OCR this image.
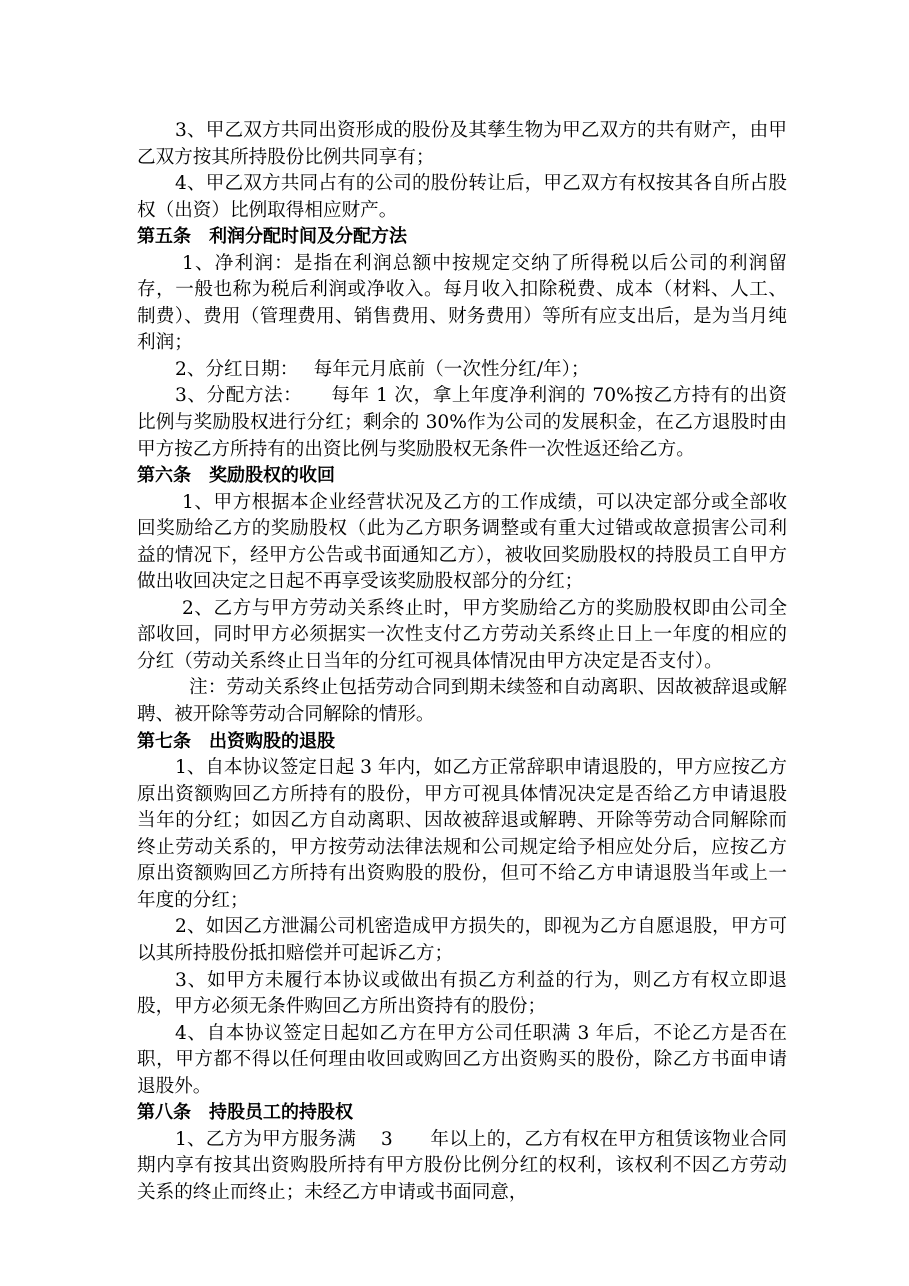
3、甲乙双方共同出资形成的股份及其孳生物为甲乙双方的共有财产，由甲乙双方按其所持股份比例共同享有；

4、甲乙双方共同占有的公司的股份转让后，甲乙双方有权按其各自所占股权（出资）比例取得相应财产。

第五条　利润分配时间及分配方法

1、净利润：是指在利润总额中按规定交纳了所得税以后公司的利润留存，一般也称为税后利润或净收入。每月收入扣除税费、成本（材料、人工、制费）、费用（管理费用、销售费用、财务费用）等所有应支出后，是为当月纯利润；

2、分红日期：　 每年元月底前（一次性分红/年）；

3、分配方法：　　每年 1 次，拿上年度净利润的 70%按乙方持有的出资比例与奖励股权进行分红；剩余的 30%作为公司的发展积金，在乙方退股时由甲方按乙方所持有的出资比例与奖励股权无条件一次性返还给乙方。

第六条　奖励股权的收回

1、甲方根据本企业经营状况及乙方的工作成绩，可以决定部分或全部收回奖励给乙方的奖励股权（此为乙方职务调整或有重大过错或故意损害公司利益的情况下，经甲方公告或书面通知乙方），被收回奖励股权的持股员工自甲方做出收回决定之日起不再享受该奖励股权部分的分红；

2、乙方与甲方劳动关系终止时，甲方奖励给乙方的奖励股权即由公司全部收回，同时甲方必须据实一次性支付乙方劳动关系终止日上一年度的相应的分红（劳动关系终止日当年的分红可视具体情况由甲方决定是否支付）。

注：劳动关系终止包括劳动合同到期未续签和自动离职、因故被辞退或解聘、被开除等劳动合同解除的情形。

第七条　出资购股的退股

1、自本协议签定日起 3 年内，如乙方正常辞职申请退股的，甲方应按乙方原出资额购回乙方所持有的股份，甲方可视具体情况决定是否给乙方申请退股当年的分红；如因乙方自动离职、因故被辞退或解聘、开除等劳动合同解除而终止劳动关系的，甲方按劳动法律法规和公司规定给予相应处分后，应按乙方原出资额购回乙方所持有出资购股的股份，但可不给乙方申请退股当年或上一年度的分红；

2、如因乙方泄漏公司机密造成甲方损失的，即视为乙方自愿退股，甲方可以其所持股份抵扣赔偿并可起诉乙方；

3、如甲方未履行本协议或做出有损乙方利益的行为，则乙方有权立即退股，甲方必须无条件购回乙方所出资持有的股份；

4、自本协议签定日起如乙方在甲方公司任职满 3 年后，不论乙方是否在职，甲方都不得以任何理由收回或购回乙方出资购买的股份，除乙方书面申请退股外。

第八条　持股员工的持股权

1、乙方为甲方服务满　 3　　年以上的，乙方有权在甲方租赁该物业合同期内享有按其出资购股所持有甲方股份比例分红的权利，该权利不因乙方劳动关系的终止而终止；未经乙方申请或书面同意，
